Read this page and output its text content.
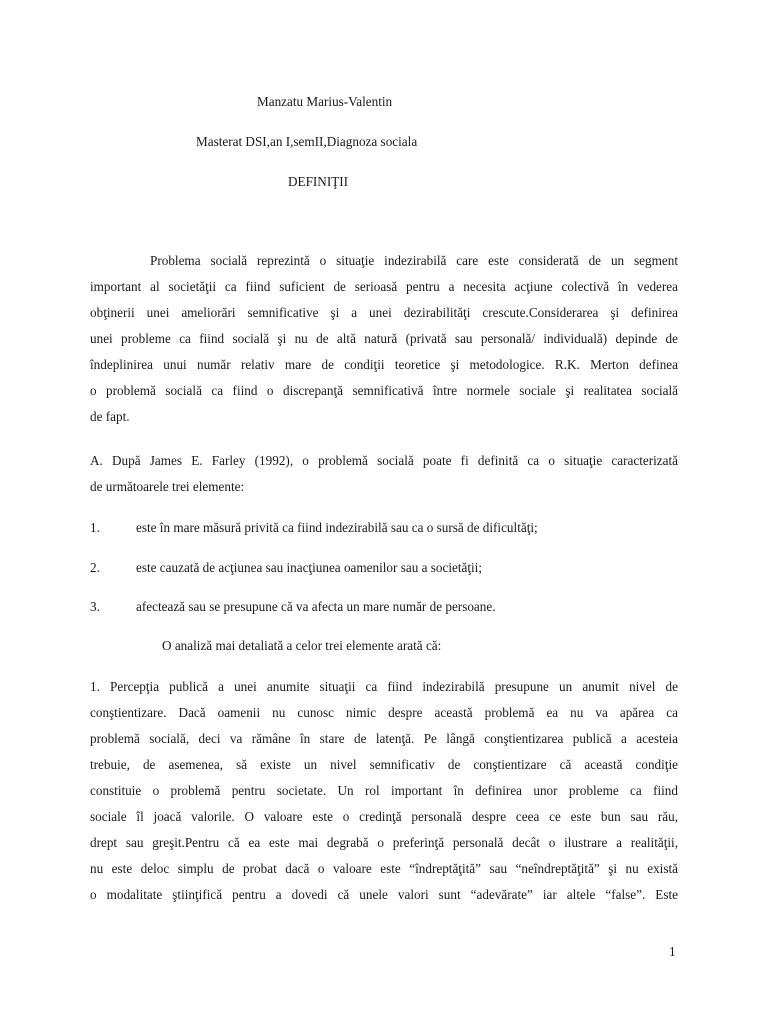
Manzatu Marius-Valentin
Masterat DSI,an I,semII,Diagnoza sociala
DEFINIŢII
Problema socială reprezintă o situaţie indezirabilă care este considerată de un segment
important al societăţii ca fiind suficient de serioasă pentru a necesita acţiune colectivă în vederea
obţinerii unei ameliorări semnificative şi a unei dezirabilităţi crescute.Considerarea şi definirea
unei probleme ca fiind socială şi nu de altă natură (privată sau personală/ individuală) depinde de
îndeplinirea unui număr relativ mare de condiţii teoretice şi metodologice. R.K. Merton definea
o problemă socială ca fiind o discrepanţă semnificativă între normele sociale şi realitatea socială
de fapt.
A. După James E. Farley (1992), o problemă socială poate fi definită ca o situaţie caracterizată
de următoarele trei elemente:
1.	este în mare măsură privită ca fiind indezirabilă sau ca o sursă de dificultăţi;
2.	este cauzată de acţiunea sau inacţiunea oamenilor sau a societăţii;
3.	afectează sau se presupune că va afecta un mare număr de persoane.
O analiză mai detaliată a celor trei elemente arată că:
1. Percepţia publică a unei anumite situaţii ca fiind indezirabilă presupune un anumit nivel de
conştientizare. Dacă oamenii nu cunosc nimic despre această problemă ea nu va apărea ca
problemă socială, deci va rămâne în stare de latenţă. Pe lângă conştientizarea publică a acesteia
trebuie, de asemenea, să existe un nivel semnificativ de conştientizare că această condiţie
constituie o problemă pentru societate. Un rol important în definirea unor probleme ca fiind
sociale îl joacă valorile. O valoare este o credinţă personală despre ceea ce este bun sau rău,
drept sau greşit.Pentru că ea este mai degrabă o preferinţă personală decât o ilustrare a realităţii,
nu este deloc simplu de probat dacă o valoare este “îndreptăţită” sau “neîndreptăţită” şi nu există
o modalitate ştiinţifică pentru a dovedi că unele valori sunt “adevărate” iar altele “false”. Este
1
